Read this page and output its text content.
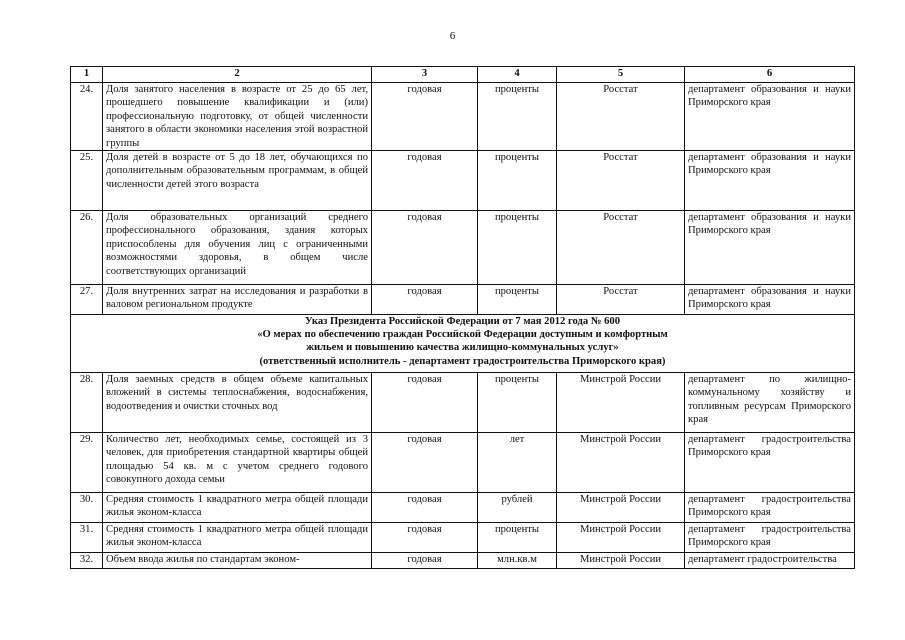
6
1	2	3	4	5	6
24.	Доля занятого населения в возрасте от 25 до 65 лет, прошедшего повышение квалификации и (или) профессиональную подготовку, от общей численности занятого в области экономики населения этой возрастной группы	годовая	проценты	Росстат	департамент образования и науки Приморского края
25.	Доля детей в возрасте от 5 до 18 лет, обучающихся по дополнительным образовательным программам, в общей численности детей этого возраста	годовая	проценты	Росстат	департамент образования и науки Приморского края
26.	Доля образовательных организаций среднего профессионального образования, здания которых приспособлены для обучения лиц с ограниченными возможностями здоровья, в общем числе соответствующих организаций	годовая	проценты	Росстат	департамент образования и науки Приморского края
27.	Доля внутренних затрат на исследования и разработки в валовом региональном продукте	годовая	проценты	Росстат	департамент образования и науки Приморского края

Указ Президента Российской Федерации от 7 мая 2012 года № 600
«О мерах по обеспечению граждан Российской Федерации доступным и комфортным
жильем и повышению качества жилищно-коммунальных услуг»
(ответственный исполнитель - департамент градостроительства Приморского края)					

28.	Доля заемных средств в общем объеме капитальных вложений в системы теплоснабжения, водоснабжения, водоотведения и очистки сточных вод	годовая	проценты	Минстрой России	департамент по жилищно-коммунальному хозяйству и топливным ресурсам Приморского края
29.	Количество лет, необходимых семье, состоящей из 3 человек, для приобретения стандартной квартиры общей площадью 54 кв. м с учетом среднего годового совокупного дохода семьи	годовая	лет	Минстрой России	департамент градостроительства Приморского края
30.	Средняя стоимость 1 квадратного метра общей площади жилья эконом-класса	годовая	рублей	Минстрой России	департамент градостроительства Приморского края
31.	Средняя стоимость 1 квадратного метра общей площади жилья эконом-класса	годовая	проценты	Минстрой России	департамент градостроительства Приморского края
32.	Объем ввода жилья по стандартам эконом-	годовая	млн.кв.м	Минстрой России	департамент градостроительства
